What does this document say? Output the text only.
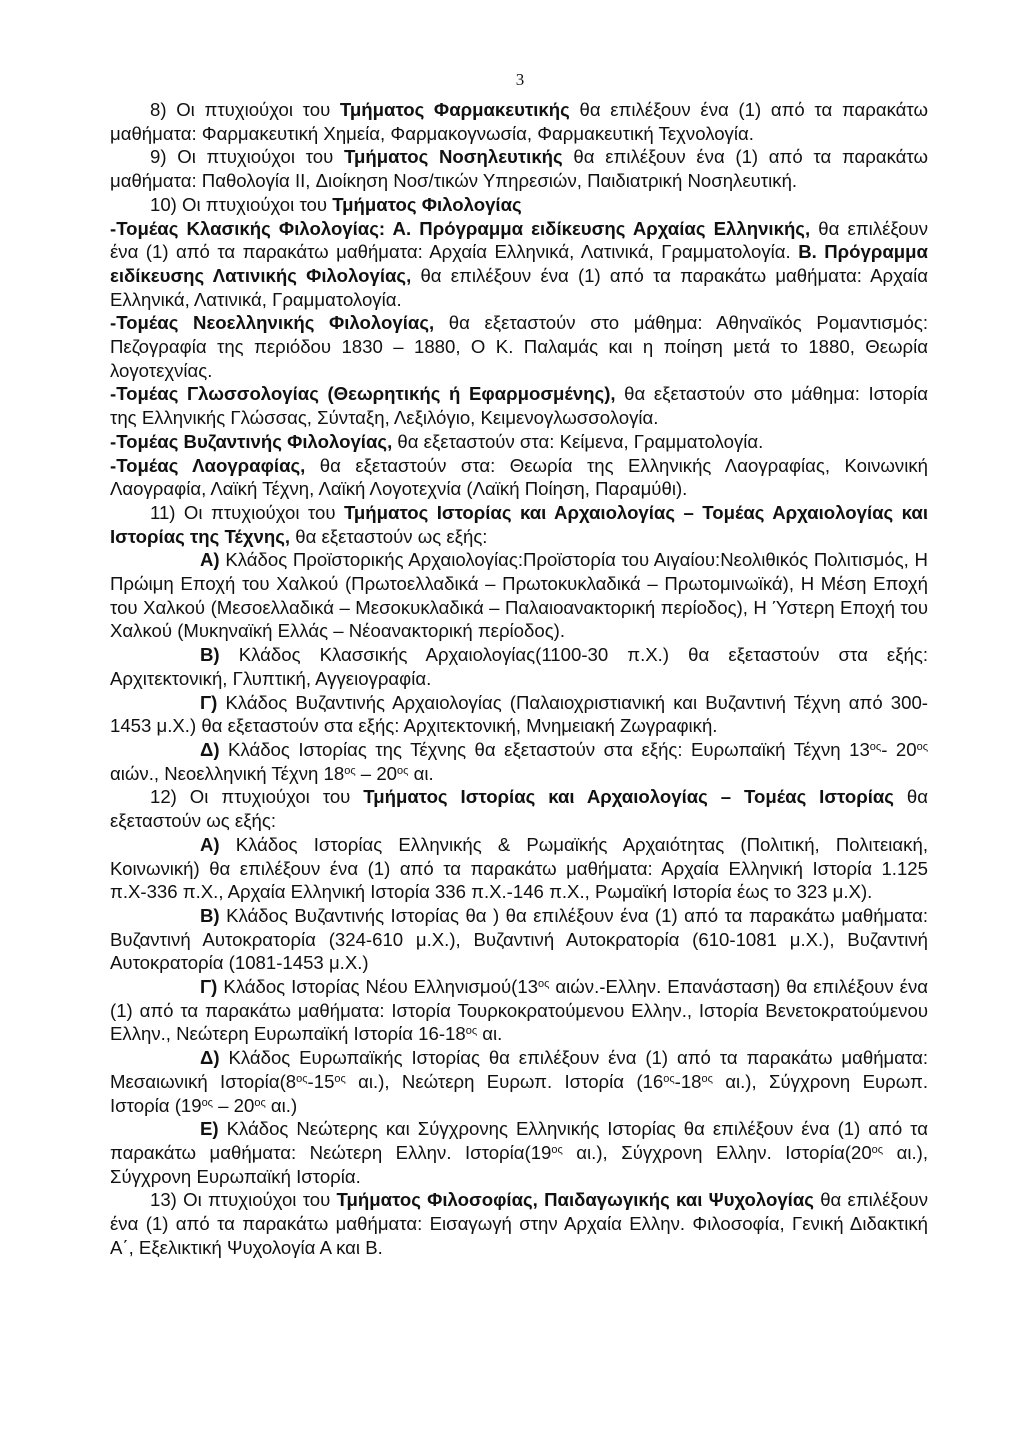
3

8) Οι πτυχιούχοι του Τμήματος Φαρμακευτικής θα επιλέξουν ένα (1) από τα παρακάτω μαθήματα: Φαρμακευτική Χημεία, Φαρμακογνωσία, Φαρμακευτική Τεχνολογία.

9) Οι πτυχιούχοι του Τμήματος Νοσηλευτικής θα επιλέξουν ένα (1) από τα παρακάτω μαθήματα: Παθολογία II, Διοίκηση Νοσ/τικών Υπηρεσιών, Παιδιατρική Νοσηλευτική.

10) Οι πτυχιούχοι του Τμήματος Φιλολογίας

-Τομέας Κλασικής Φιλολογίας: Α. Πρόγραμμα ειδίκευσης Αρχαίας Ελληνικής, θα επιλέξουν ένα (1) από τα παρακάτω μαθήματα: Αρχαία Ελληνικά, Λατινικά, Γραμματολογία. Β. Πρόγραμμα ειδίκευσης Λατινικής Φιλολογίας, θα επιλέξουν ένα (1) από τα παρακάτω μαθήματα: Αρχαία Ελληνικά, Λατινικά, Γραμματολογία.

-Τομέας Νεοελληνικής Φιλολογίας, θα εξεταστούν στο μάθημα: Αθηναϊκός Ρομαντισμός: Πεζογραφία της περιόδου 1830 – 1880, Ο Κ. Παλαμάς και η ποίηση μετά το 1880, Θεωρία λογοτεχνίας.

-Τομέας Γλωσσολογίας (Θεωρητικής ή Εφαρμοσμένης), θα εξεταστούν στο μάθημα: Ιστορία της Ελληνικής Γλώσσας, Σύνταξη, Λεξιλόγιο, Κειμενογλωσσολογία.

-Τομέας Βυζαντινής Φιλολογίας, θα εξεταστούν στα: Κείμενα, Γραμματολογία.

-Τομέας Λαογραφίας, θα εξεταστούν στα: Θεωρία της Ελληνικής Λαογραφίας, Κοινωνική Λαογραφία, Λαϊκή Τέχνη, Λαϊκή Λογοτεχνία (Λαϊκή Ποίηση, Παραμύθι).

11) Οι πτυχιούχοι του Τμήματος Ιστορίας και Αρχαιολογίας – Τομέας Αρχαιολογίας και Ιστορίας της Τέχνης, θα εξεταστούν ως εξής:

Α) Κλάδος Προϊστορικής Αρχαιολογίας:Προϊστορία του Αιγαίου:Νεολιθικός Πολιτισμός, Η Πρώιμη Εποχή του Χαλκού (Πρωτοελλαδικά – Πρωτοκυκλαδικά – Πρωτομινωϊκά), Η Μέση Εποχή του Χαλκού (Μεσοελλαδικά – Μεσοκυκλαδικά – Παλαιοανακτορική περίοδος), Η Ύστερη Εποχή του Χαλκού (Μυκηναϊκή Ελλάς – Νέοανακτορική περίοδος).

Β) Κλάδος Κλασσικής Αρχαιολογίας(1100-30 π.Χ.) θα εξεταστούν στα εξής: Αρχιτεκτονική, Γλυπτική, Αγγειογραφία.

Γ) Κλάδος Βυζαντινής Αρχαιολογίας (Παλαιοχριστιανική και Βυζαντινή Τέχνη από 300-1453 μ.Χ.) θα εξεταστούν στα εξής: Αρχιτεκτονική, Μνημειακή Ζωγραφική.

Δ) Κλάδος Ιστορίας της Τέχνης θα εξεταστούν στα εξής: Ευρωπαϊκή Τέχνη $13^{o\varsigma}-$ $20^{o\varsigma}$ αιών., Νεοελληνική Τέχνη $18^{o\varsigma} - 20^{o\varsigma}$ αι.

12) Οι πτυχιούχοι του Τμήματος Ιστορίας και Αρχαιολογίας – Τομέας Ιστορίας θα εξεταστούν ως εξής:

Α) Κλάδος Ιστορίας Ελληνικής & Ρωμαϊκής Αρχαιότητας (Πολιτική, Πολιτειακή, Κοινωνική) θα επιλέξουν ένα (1) από τα παρακάτω μαθήματα: Αρχαία Ελληνική Ιστορία 1.125 π.Χ-336 π.Χ., Αρχαία Ελληνική Ιστορία 336 π.Χ.-146 π.Χ., Ρωμαϊκή Ιστορία έως το 323 μ.Χ).

Β) Κλάδος Βυζαντινής Ιστορίας θα ) θα επιλέξουν ένα (1) από τα παρακάτω μαθήματα: Βυζαντινή Αυτοκρατορία (324-610 μ.Χ.), Βυζαντινή Αυτοκρατορία (610-1081 μ.Χ.), Βυζαντινή Αυτοκρατορία (1081-1453 μ.Χ.)

Γ) Κλάδος Ιστορίας Νέου $E\lambda\lambda\eta\nu\iota\sigma\mu oύ(13^{o\varsigma}$ αιών.-Ελλην. Επανάσταση) θα επιλέξουν ένα (1) από τα παρακάτω μαθήματα: Ιστορία Τουρκοκρατούμενου Ελλην., Ιστορία Βενετοκρατούμενου Ελλην., Νεώτερη Ευρωπαϊκή Ιστορία $16-18^{o\varsigma}$ αι.

Δ) Κλάδος Ευρωπαϊκής Ιστορίας θα επιλέξουν ένα (1) από τα παρακάτω μαθήματα: Μεσαιωνική $I\sigma\tau o\rho ί\alpha(8^{o\varsigma}-15^{o\varsigma}$ αι.), Νεώτερη Ευρωπ. Ιστορία ($16^{o\varsigma}-18^{o\varsigma}$ αι.), Σύγχρονη Ευρωπ. Ιστορία ($19^{o\varsigma} - 20^{o\varsigma}$ αι.)

Ε) Κλάδος Νεώτερης και Σύγχρονης Ελληνικής Ιστορίας θα επιλέξουν ένα (1) από τα παρακάτω μαθήματα: Νεώτερη Ελλην. $I\sigma\tau o\rho ί\alpha(19^{o\varsigma}$ αι.), Σύγχρονη Ελλην. $I\sigma\tau o\rho ί\alpha(20^{o\varsigma}$ αι.), Σύγχρονη Ευρωπαϊκή Ιστορία.

13) Οι πτυχιούχοι του Τμήματος Φιλοσοφίας, Παιδαγωγικής και Ψυχολογίας θα επιλέξουν ένα (1) από τα παρακάτω μαθήματα: Εισαγωγή στην Αρχαία Ελλην. Φιλοσοφία, Γενική Διδακτική Α΄, Εξελικτική Ψυχολογία Α και Β.
